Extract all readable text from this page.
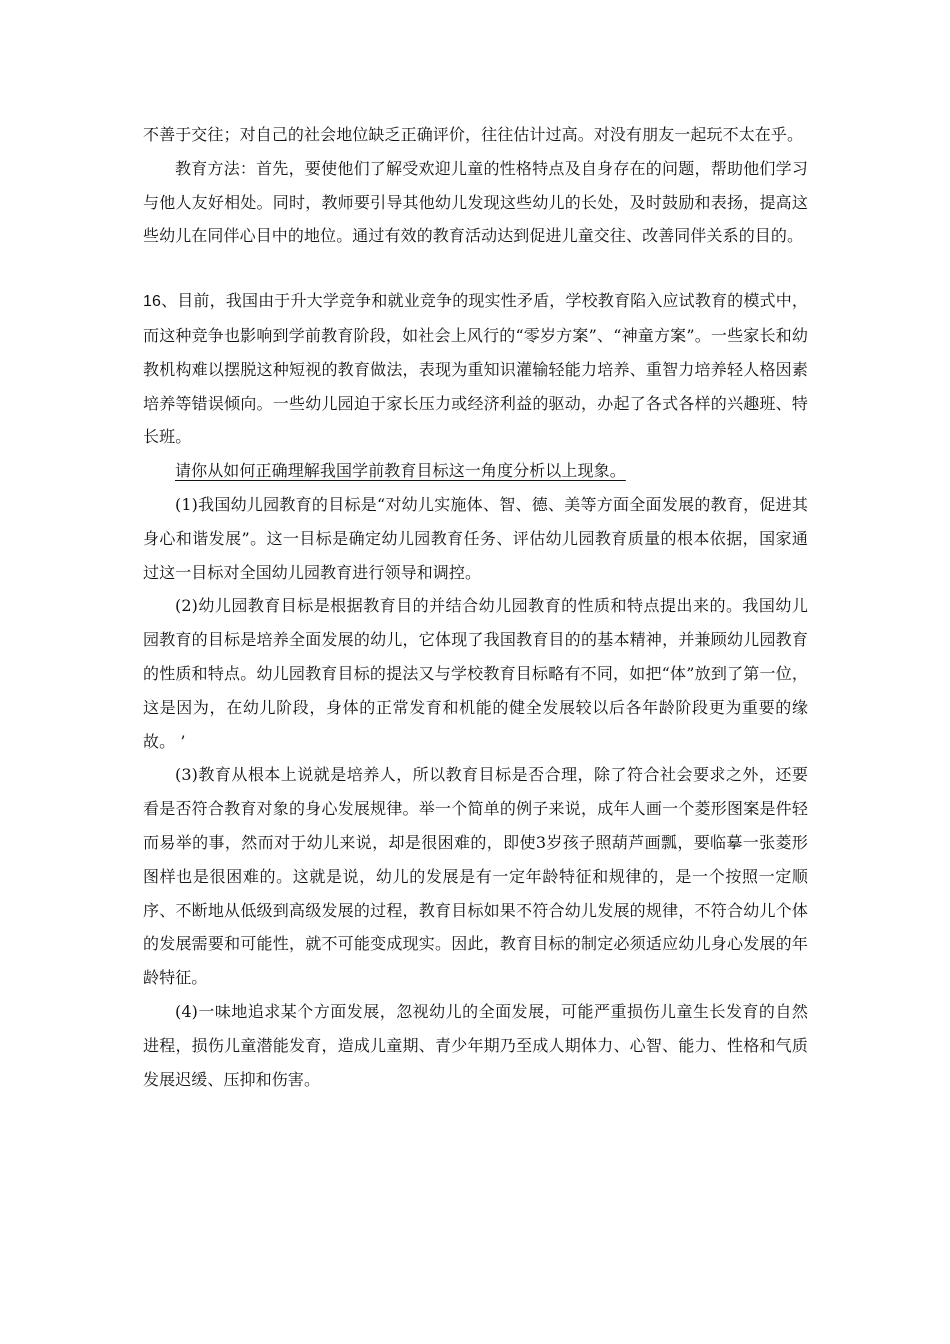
不善于交往；对自己的社会地位缺乏正确评价，往往估计过高。对没有朋友一起玩不太在乎。

教育方法：首先，要使他们了解受欢迎儿童的性格特点及自身存在的问题，帮助他们学习与他人友好相处。同时，教师要引导其他幼儿发现这些幼儿的长处，及时鼓励和表扬，提高这些幼儿在同伴心目中的地位。通过有效的教育活动达到促进儿童交往、改善同伴关系的目的。

16、目前，我国由于升大学竞争和就业竞争的现实性矛盾，学校教育陷入应试教育的模式中，而这种竞争也影响到学前教育阶段，如社会上风行的“零岁方案”、“神童方案”。一些家长和幼教机构难以摆脱这种短视的教育做法，表现为重知识灌输轻能力培养、重智力培养轻人格因素培养等错误倾向。一些幼儿园迫于家长压力或经济利益的驱动，办起了各式各样的兴趣班、特长班。

请你从如何正确理解我国学前教育目标这一角度分析以上现象。

(1)我国幼儿园教育的目标是“对幼儿实施体、智、德、美等方面全面发展的教育，促进其身心和谐发展”。这一目标是确定幼儿园教育任务、评估幼儿园教育质量的根本依据，国家通过这一目标对全国幼儿园教育进行领导和调控。

(2)幼儿园教育目标是根据教育目的并结合幼儿园教育的性质和特点提出来的。我国幼儿园教育的目标是培养全面发展的幼儿，它体现了我国教育目的的基本精神，并兼顾幼儿园教育的性质和特点。幼儿园教育目标的提法又与学校教育目标略有不同，如把“体”放到了第一位，这是因为，在幼儿阶段，身体的正常发育和机能的健全发展较以后各年龄阶段更为重要的缘故。 ’

(3)教育从根本上说就是培养人，所以教育目标是否合理，除了符合社会要求之外，还要看是否符合教育对象的身心发展规律。举一个简单的例子来说，成年人画一个菱形图案是件轻而易举的事，然而对于幼儿来说，却是很困难的，即使3岁孩子照葫芦画瓢，要临摹一张菱形图样也是很困难的。这就是说，幼儿的发展是有一定年龄特征和规律的，是一个按照一定顺序、不断地从低级到高级发展的过程，教育目标如果不符合幼儿发展的规律，不符合幼儿个体的发展需要和可能性，就不可能变成现实。因此，教育目标的制定必须适应幼儿身心发展的年龄特征。

(4)一味地追求某个方面发展，忽视幼儿的全面发展，可能严重损伤儿童生长发育的自然进程，损伤儿童潜能发育，造成儿童期、青少年期乃至成人期体力、心智、能力、性格和气质发展迟缓、压抑和伤害。
